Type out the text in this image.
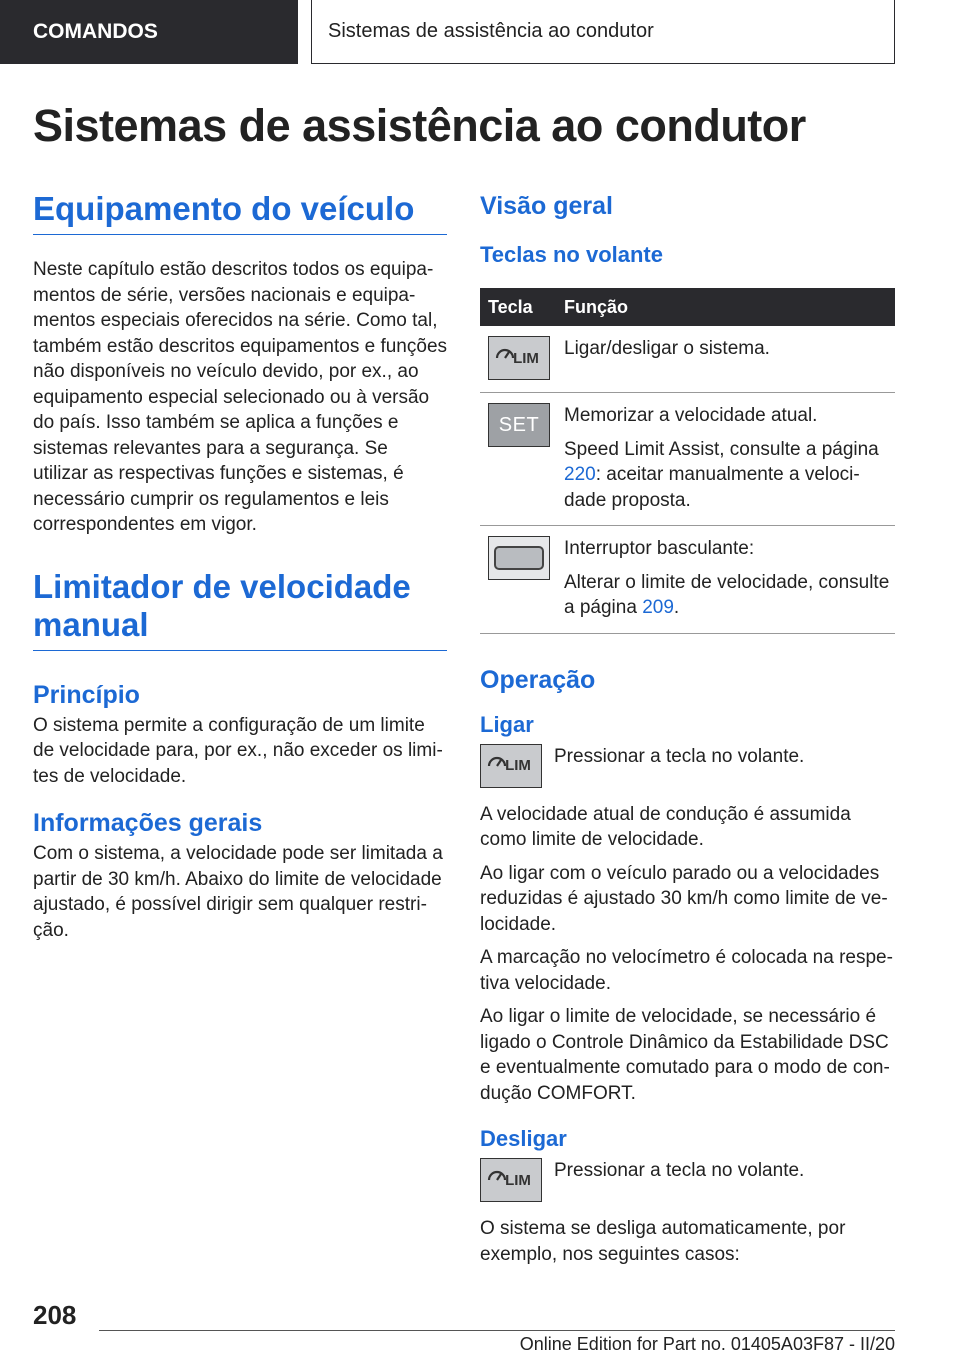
COMANDOS	Sistemas de assistência ao condutor
Sistemas de assistência ao condutor
Equipamento do veículo

Neste capítulo estão descritos todos os equipamentos de série, versões nacionais e equipamentos especiais oferecidos na série. Como tal, também estão descritos equipamentos e funções não disponíveis no veículo devido, por ex., ao equipamento especial selecionado ou à versão do país. Isso também se aplica a funções e sistemas relevantes para a segurança. Se utilizar as respectivas funções e sistemas, é necessário cumprir os regulamentos e leis correspondentes em vigor.

Limitador de velocidade manual
Princípio

O sistema permite a configuração de um limite de velocidade para, por ex., não exceder os limites de velocidade.

Informações gerais

Com o sistema, a velocidade pode ser limitada a partir de 30 km/h. Abaixo do limite de velocidade ajustado, é possível dirigir sem qualquer restrição.

Visão geral
Teclas no volante
Tecla	Função
LIM Ligar/desligar o sistema.

SET Memorizar a velocidade atual.

Speed Limit Assist, consulte a página 220: aceitar manualmente a velocidade proposta.

Interruptor basculante:

Alterar o limite de velocidade, consulte a página 209.

Operação
Ligar
LIM Pressionar a tecla no volante.

A velocidade atual de condução é assumida como limite de velocidade.

Ao ligar com o veículo parado ou a velocidades reduzidas é ajustado 30 km/h como limite de velocidade.

A marcação no velocímetro é colocada na respetiva velocidade.

Ao ligar o limite de velocidade, se necessário é ligado o Controle Dinâmico da Estabilidade DSC e eventualmente comutado para o modo de condução COMFORT.

Desligar
LIM Pressionar a tecla no volante.

O sistema se desliga automaticamente, por exemplo, nos seguintes casos:

208
Online Edition for Part no. 01405A03F87 - II/20
